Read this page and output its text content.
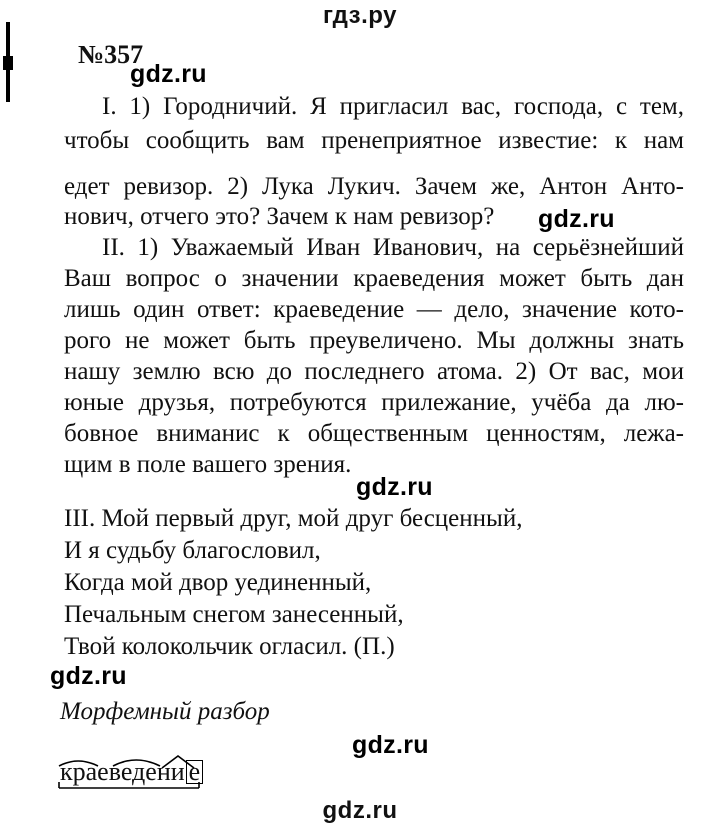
гдз.ру
№357
gdz.ru
I. 1) Городничий. Я пригласил вас, господа, с тем,
чтобы сообщить вам пренеприятное известие: к нам
едет ревизор. 2) Лука Лукич. Зачем же, Антон Анто-
нович, отчего это? Зачем к нам ревизор? gdz.ru
II. 1) Уважаемый Иван Иванович, на серьёзнейший
Ваш вопрос о значении краеведения может быть дан
лишь один ответ: краеведение — дело, значение кото-
рого не может быть преувеличено. Мы должны знать
нашу землю всю до последнего атома. 2) От вас, мои
юные друзья, потребуются прилежание, учёба да лю-
бовное вниманис к общественным ценностям, лежа-
щим в поле вашего зрения.
gdz.ru
III. Мой первый друг, мой друг бесценный,
И я судьбу благословил,
Когда мой двор уединенный,
Печальным снегом занесенный,
Твой колокольчик огласил. (П.)
gdz.ru
Морфемный разбор
gdz.ru
краеведени е
gdz.ru
